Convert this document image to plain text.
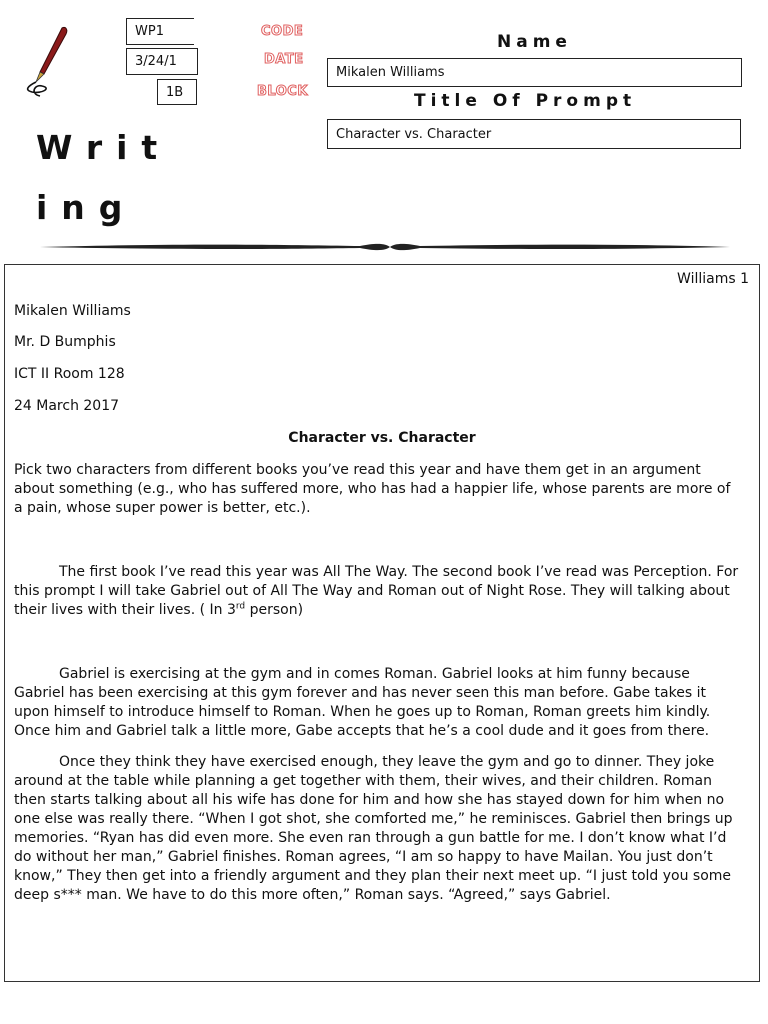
WP1
3/24/1
1B
CODE
DATE
BLOCK
Name
Mikalen Williams
Title Of Prompt
Character vs. Character
Writing
Williams 1
Mikalen Williams
Mr. D Bumphis
ICT II Room 128
24 March 2017
Character vs. Character

Pick two characters from different books you’ve read this year and have them get in an argument about something (e.g., who has suffered more, who has had a happier life, whose parents are more of a pain, whose super power is better, etc.).

The first book I’ve read this year was All The Way. The second book I’ve read was Perception. For this prompt I will take Gabriel out of All The Way and Roman out of Night Rose. They will talking about their lives with their lives. ( In 3rd person)

Gabriel is exercising at the gym and in comes Roman. Gabriel looks at him funny because Gabriel has been exercising at this gym forever and has never seen this man before. Gabe takes it upon himself to introduce himself to Roman. When he goes up to Roman, Roman greets him kindly. Once him and Gabriel talk a little more, Gabe accepts that he’s a cool dude and it goes from there.

Once they think they have exercised enough, they leave the gym and go to dinner. They joke around at the table while planning a get together with them, their wives, and their children. Roman then starts talking about all his wife has done for him and how she has stayed down for him when no one else was really there. “When I got shot, she comforted me,” he reminisces. Gabriel then brings up memories. “Ryan has did even more. She even ran through a gun battle for me. I don’t know what I’d do without her man,” Gabriel finishes. Roman agrees, “I am so happy to have Mailan. You just don’t know,” They then get into a friendly argument and they plan their next meet up. “I just told you some deep s*** man. We have to do this more often,” Roman says. “Agreed,” says Gabriel.
